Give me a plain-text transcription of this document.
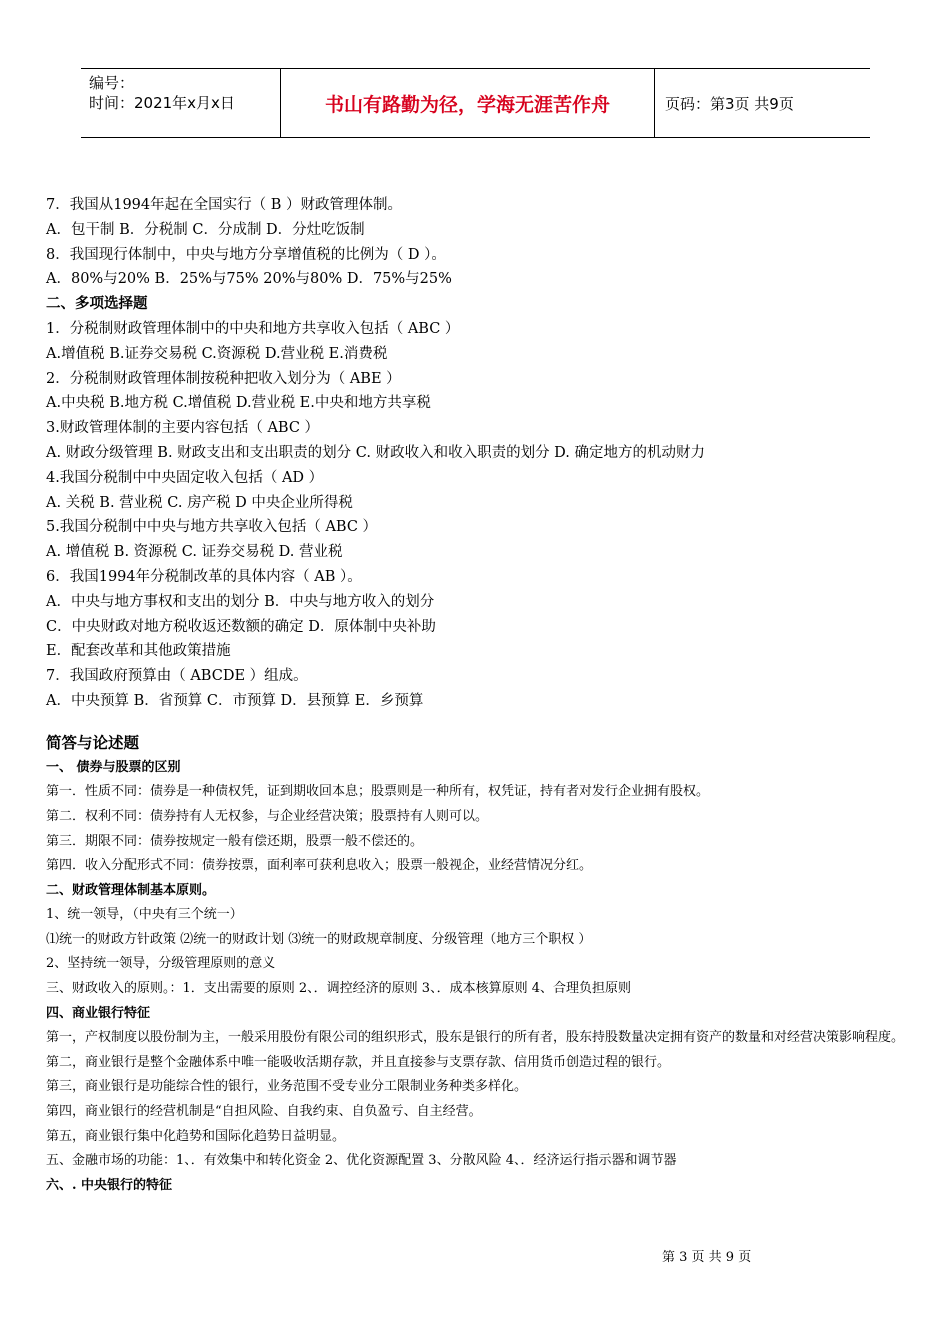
编号：
时间：2021年x月x日	书山有路勤为径，学海无涯苦作舟	页码：第3页 共9页
7．我国从1994年起在全国实行（ B ）财政管理体制。
A．包干制 B．分税制 C．分成制 D．分灶吃饭制
8．我国现行体制中，中央与地方分享增值税的比例为（ D ）。
A．80%与20% B．25%与75% 20%与80% D．75%与25%
二、多项选择题
1．分税制财政管理体制中的中央和地方共享收入包括（ ABC ）
A.增值税 B.证券交易税 C.资源税 D.营业税 E.消费税
2．分税制财政管理体制按税种把收入划分为（ ABE ）
A.中央税 B.地方税 C.增值税 D.营业税 E.中央和地方共享税
3.财政管理体制的主要内容包括（ ABC ）
A. 财政分级管理 B. 财政支出和支出职责的划分 C. 财政收入和收入职责的划分 D. 确定地方的机动财力
4.我国分税制中中央固定收入包括（ AD ）
A. 关税 B. 营业税 C. 房产税 D 中央企业所得税
5.我国分税制中中央与地方共享收入包括（ ABC ）
A. 增值税 B. 资源税 C. 证券交易税 D. 营业税
6．我国1994年分税制改革的具体内容（ AB ）。
A．中央与地方事权和支出的划分 B．中央与地方收入的划分
C．中央财政对地方税收返还数额的确定 D．原体制中央补助
E．配套改革和其他政策措施
7．我国政府预算由（ ABCDE ）组成。
A．中央预算 B．省预算 C．市预算 D．县预算 E．乡预算
简答与论述题
一、 债券与股票的区别
第一．性质不同：债券是一种债权凭，证到期收回本息；股票则是一种所有，权凭证，持有者对发行企业拥有股权。
第二．权利不同：债券持有人无权参，与企业经营决策；股票持有人则可以。
第三．期限不同：债券按规定一般有偿还期，股票一般不偿还的。
第四．收入分配形式不同：债券按票，面利率可获利息收入；股票一般视企，业经营情况分红。
二、财政管理体制基本原则。
1、统一领导，（中央有三个统一）
⑴统一的财政方针政策 ⑵统一的财政计划 ⑶统一的财政规章制度、分级管理（地方三个职权 ）
2、坚持统一领导，分级管理原则的意义
三、财政收入的原则。：1．支出需要的原则 2、．调控经济的原则 3、．成本核算原则 4、合理负担原则
四、商业银行特征
第一，产权制度以股份制为主，一般采用股份有限公司的组织形式，股东是银行的所有者，股东持股数量决定拥有资产的数量和对经营决策影响程度。
第二，商业银行是整个金融体系中唯一能吸收活期存款，并且直接参与支票存款、信用货币创造过程的银行。
第三，商业银行是功能综合性的银行，业务范围不受专业分工限制业务种类多样化。
第四，商业银行的经营机制是“自担风险、自我约束、自负盈亏、自主经营。
第五，商业银行集中化趋势和国际化趋势日益明显。
五、金融市场的功能：1、．有效集中和转化资金 2、优化资源配置 3、分散风险 4、．经济运行指示器和调节器
六、. 中央银行的特征
第 3 页 共 9 页
